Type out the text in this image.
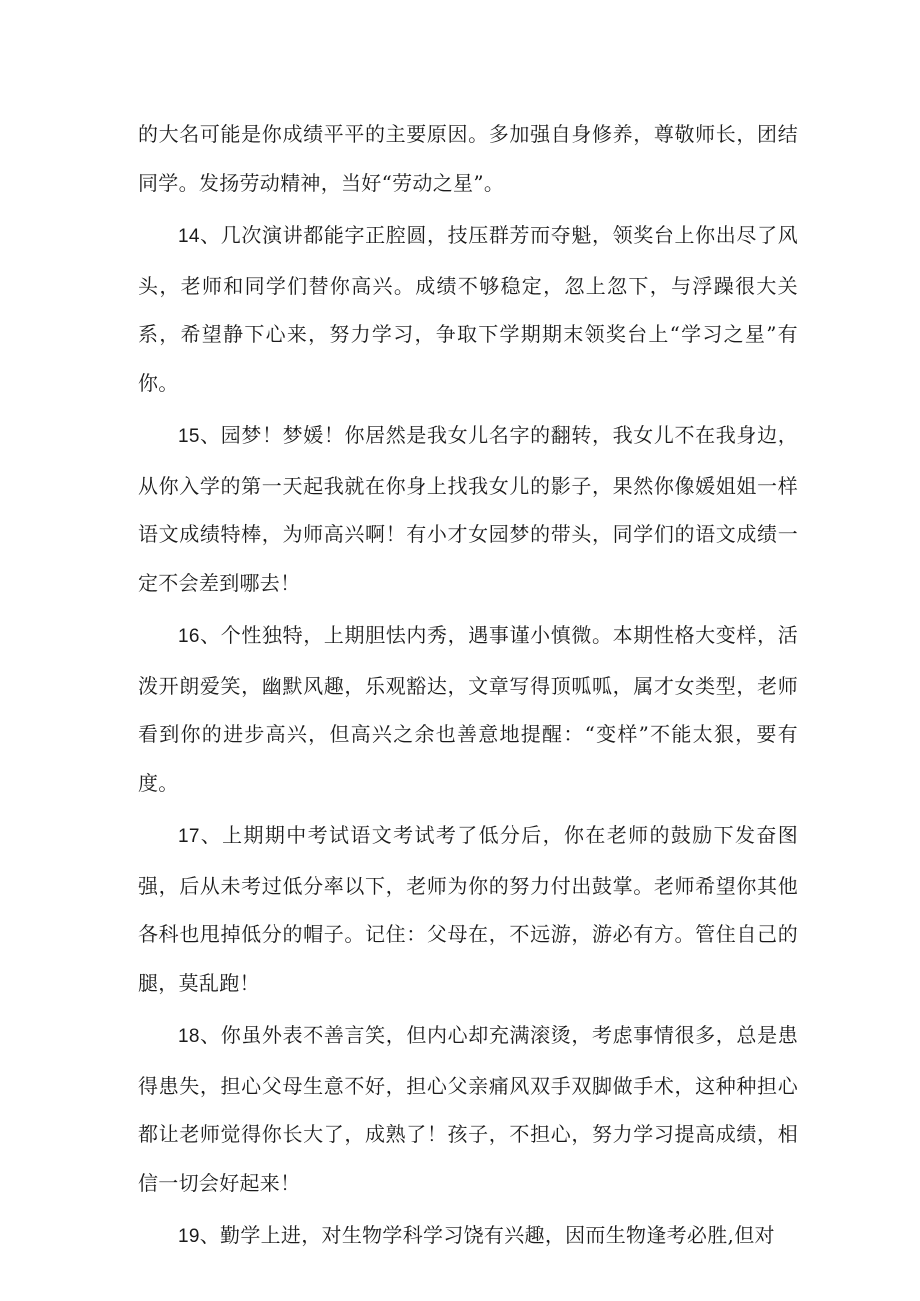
的大名可能是你成绩平平的主要原因。多加强自身修养，尊敬师长，团结同学。发扬劳动精神，当好“劳动之星”。

14、几次演讲都能字正腔圆，技压群芳而夺魁，领奖台上你出尽了风头，老师和同学们替你高兴。成绩不够稳定，忽上忽下，与浮躁很大关系，希望静下心来，努力学习，争取下学期期末领奖台上“学习之星”有你。

15、园梦！梦媛！你居然是我女儿名字的翻转，我女儿不在我身边，从你入学的第一天起我就在你身上找我女儿的影子，果然你像媛姐姐一样语文成绩特棒，为师高兴啊！有小才女园梦的带头，同学们的语文成绩一定不会差到哪去！

16、个性独特，上期胆怯内秀，遇事谨小慎微。本期性格大变样，活泼开朗爱笑，幽默风趣，乐观豁达，文章写得顶呱呱，属才女类型，老师看到你的进步高兴，但高兴之余也善意地提醒：“变样”不能太狠，要有度。

17、上期期中考试语文考试考了低分后，你在老师的鼓励下发奋图强，后从未考过低分率以下，老师为你的努力付出鼓掌。老师希望你其他各科也甩掉低分的帽子。记住：父母在，不远游，游必有方。管住自己的腿，莫乱跑！

18、你虽外表不善言笑，但内心却充满滚烫，考虑事情很多，总是患得患失，担心父母生意不好，担心父亲痛风双手双脚做手术，这种种担心都让老师觉得你长大了，成熟了！孩子，不担心，努力学习提高成绩，相信一切会好起来！

19、勤学上进，对生物学科学习饶有兴趣，因而生物逢考必胜,但对
